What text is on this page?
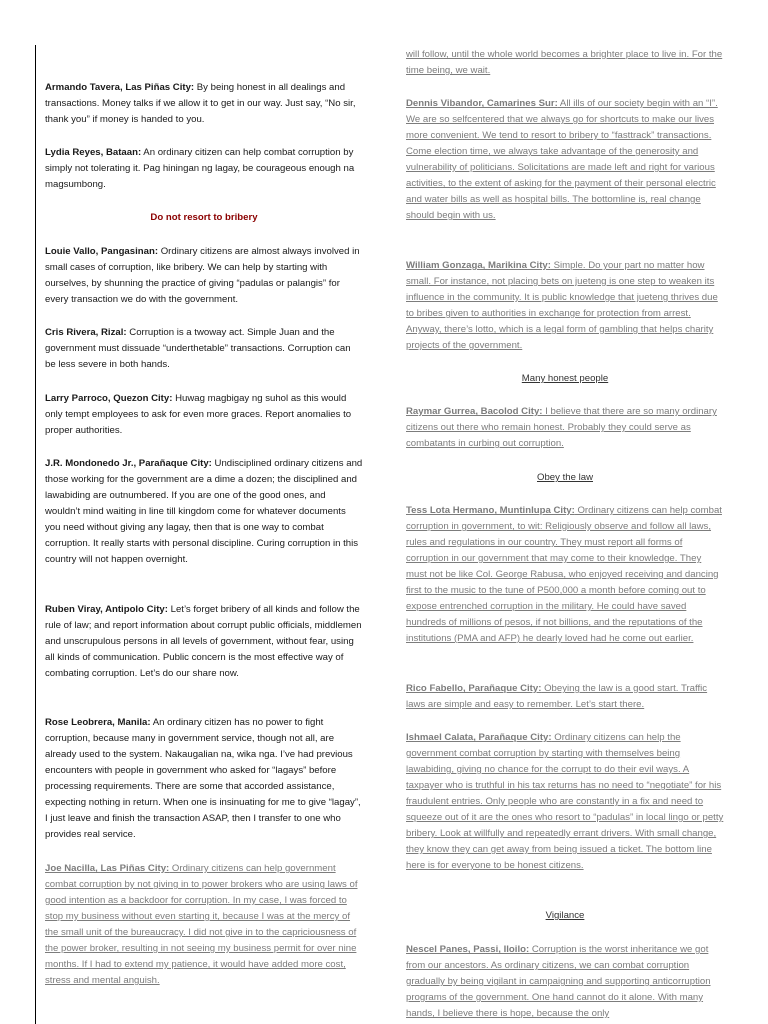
Armando Tavera, Las Piñas City: By being honest in all dealings and transactions. Money talks if we allow it to get in our way. Just say, “No sir, thank you” if money is handed to you.

Lydia Reyes, Bataan: An ordinary citizen can help combat corruption by simply not tolerating it. Pag hiningan ng lagay, be courageous enough na magsumbong.

Do not resort to bribery

Louie Vallo, Pangasinan: Ordinary citizens are almost always involved in small cases of corruption, like bribery. We can help by starting with ourselves, by shunning the practice of giving “padulas or palangis” for every transaction we do with the government.

Cris Rivera, Rizal: Corruption is a twoway act. Simple Juan and the government must dissuade “underthetable” transactions. Corruption can be less severe in both hands.

Larry Parroco, Quezon City: Huwag magbigay ng suhol as this would only tempt employees to ask for even more graces. Report anomalies to proper authorities.

J.R. Mondonedo Jr., Parañaque City: Undisciplined ordinary citizens and those working for the government are a dime a dozen; the disciplined and lawabiding are outnumbered. If you are one of the good ones, and wouldn’t mind waiting in line till kingdom come for whatever documents you need without giving any lagay, then that is one way to combat corruption. It really starts with personal discipline. Curing corruption in this country will not happen overnight.

Ruben Viray, Antipolo City: Let’s forget bribery of all kinds and follow the rule of law; and report information about corrupt public officials, middlemen and unscrupulous persons in all levels of government, without fear, using all kinds of communication. Public concern is the most effective way of combating corruption. Let’s do our share now.

Rose Leobrera, Manila: An ordinary citizen has no power to fight corruption, because many in government service, though not all, are already used to the system. Nakaugalian na, wika nga. I’ve had previous encounters with people in government who asked for “lagays” before processing requirements. There are some that accorded assistance, expecting nothing in return. When one is insinuating for me to give “lagay”, I just leave and finish the transaction ASAP, then I transfer to one who provides real service.

Joe Nacilla, Las Piñas City: Ordinary citizens can help government combat corruption by not giving in to power brokers who are using laws of good intention as a backdoor for corruption. In my case, I was forced to stop my business without even starting it, because I was at the mercy of the small unit of the bureaucracy. I did not give in to the capriciousness of the power broker, resulting in not seeing my business permit for over nine months. If I had to extend my patience, it would have added more cost, stress and mental anguish.

will follow, until the whole world becomes a brighter place to live in. For the time being, we wait.

Dennis Vibandor, Camarines Sur: All ills of our society begin with an “I”. We are so selfcentered that we always go for shortcuts to make our lives more convenient. We tend to resort to bribery to “fasttrack” transactions. Come election time, we always take advantage of the generosity and vulnerability of politicians. Solicitations are made left and right for various activities, to the extent of asking for the payment of their personal electric and water bills as well as hospital bills. The bottomline is, real change should begin with us.

William Gonzaga, Marikina City: Simple. Do your part no matter how small. For instance, not placing bets on jueteng is one step to weaken its influence in the community. It is public knowledge that jueteng thrives due to bribes given to authorities in exchange for protection from arrest. Anyway, there’s lotto, which is a legal form of gambling that helps charity projects of the government.

Many honest people

Raymar Gurrea, Bacolod City: I believe that there are so many ordinary citizens out there who remain honest. Probably they could serve as combatants in curbing out corruption.

Obey the law

Tess Lota Hermano, Muntinlupa City: Ordinary citizens can help combat corruption in government, to wit: Religiously observe and follow all laws, rules and regulations in our country. They must report all forms of corruption in our government that may come to their knowledge. They must not be like Col. George Rabusa, who enjoyed receiving and dancing first to the music to the tune of P500,000 a month before coming out to expose entrenched corruption in the military. He could have saved hundreds of millions of pesos, if not billions, and the reputations of the institutions (PMA and AFP) he dearly loved had he come out earlier.

Rico Fabello, Parañaque City: Obeying the law is a good start. Traffic laws are simple and easy to remember. Let’s start there.

Ishmael Calata, Parañaque City: Ordinary citizens can help the government combat corruption by starting with themselves being lawabiding, giving no chance for the corrupt to do their evil ways. A taxpayer who is truthful in his tax returns has no need to “negotiate” for his fraudulent entries. Only people who are constantly in a fix and need to squeeze out of it are the ones who resort to “padulas” in local lingo or petty bribery. Look at willfully and repeatedly errant drivers. With small change, they know they can get away from being issued a ticket. The bottom line here is for everyone to be honest citizens.

Vigilance

Nescel Panes, Passi, Iloilo: Corruption is the worst inheritance we got from our ancestors. As ordinary citizens, we can combat corruption gradually by being vigilant in campaigning and supporting anticorruption programs of the government. One hand cannot do it alone. With many hands, I believe there is hope, because the only
